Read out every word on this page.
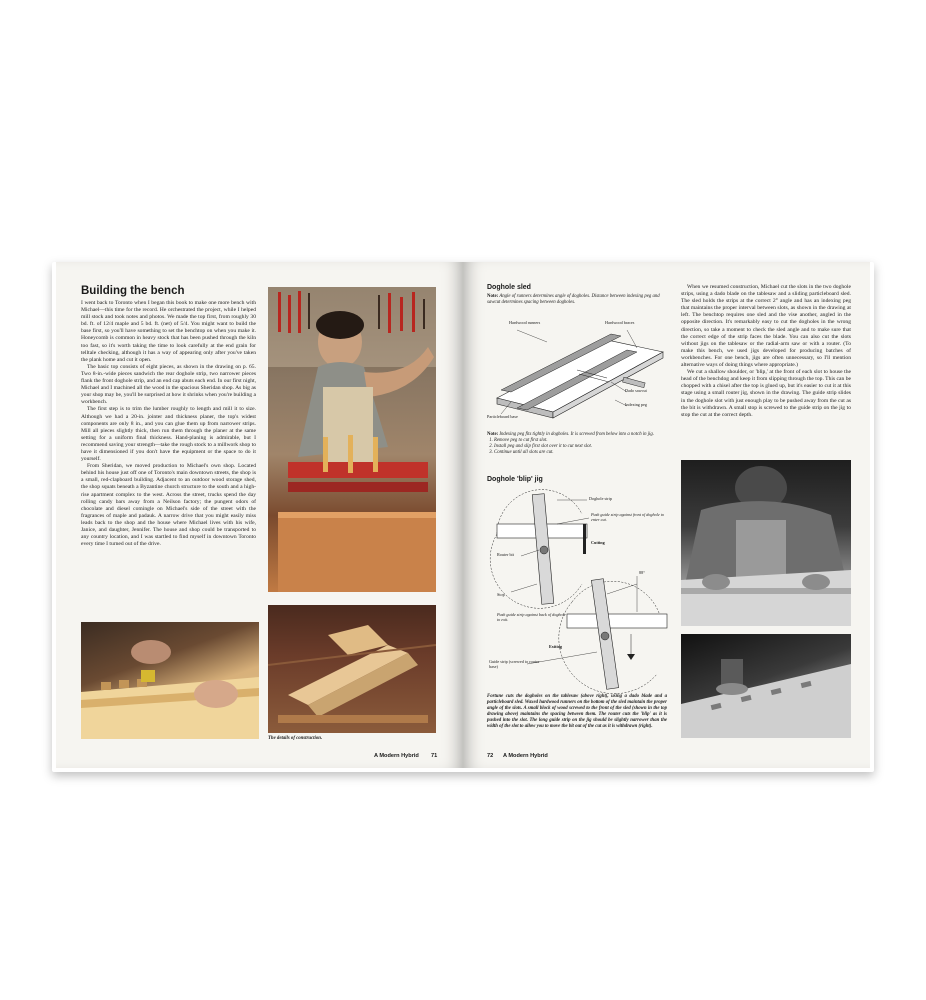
Building the bench

I went back to Toronto when I began this book to make one more bench with Michael—this time for the record. He orchestrated the project, while I helped mill stock and took notes and photos. We made the top first, from roughly 30 bd. ft. of 12/4 maple and 5 bd. ft. (net) of 5/4. You might want to build the base first, so you'll have something to set the benchtop on when you make it. Honeycomb is common in heavy stock that has been pushed through the kiln too fast, so it's worth taking the time to look carefully at the end grain for telltale checking, although it has a way of appearing only after you've taken the plank home and cut it open.

The basic top consists of eight pieces, as shown in the drawing on p. 65. Two 8-in.-wide pieces sandwich the rear doghole strip, two narrower pieces flank the front doghole strip, and an end cap abuts each end. In our first night, Michael and I machined all the wood in the spacious Sheridan shop. As big as your shop may be, you'll be surprised at how it shrinks when you're building a workbench.

The first step is to trim the lumber roughly to length and mill it to size. Although we had a 20-in. jointer and thickness planer, the top's widest components are only 8 in., and you can glue them up from narrower strips. Mill all pieces slightly thick, then run them through the planer at the same setting for a uniform final thickness. Hand-planing is admirable, but I recommend saving your strength—take the rough stock to a millwork shop to have it dimensioned if you don't have the equipment or the space to do it yourself.

From Sheridan, we moved production to Michael's own shop. Located behind his house just off one of Toronto's main downtown streets, the shop is a small, red-clapboard building. Adjacent to an outdoor wood storage shed, the shop squats beneath a Byzantine church structure to the south and a high-rise apartment complex to the west. Across the street, trucks spend the day rolling candy bars away from a Neilson factory; the pungent odors of chocolate and diesel comingle on Michael's side of the street with the fragrances of maple and padauk. A narrow drive that you might easily miss leads back to the shop and the house where Michael lives with his wife, Janice, and daughter, Jennifer. The house and shop could be transported to any country location, and I was startled to find myself in downtown Toronto every time I turned out of the drive.

The details of construction.
A Modern Hybrid 71
Doghole sled
Note: Angle of runners determines angle of dogholes. Distance between indexing peg and sawcut determines spacing between dogholes.
Hardwood runners	Hardwood braces
Dado sawcut
Indexing peg
Particleboard base
Note: Indexing peg fits tightly in dogholes. It is screwed from below into a notch in jig.
1. Remove peg to cut first slot.
2. Install peg and slip first slot over it to cut next slot.
3. Continue until all slots are cut.
Doghole 'blip' jig
Doghole strip
Push guide strip against front of doghole to enter cut.
Cutting
Router bit
Stop
88°
Push guide strip against back of doghole to exit.
Exiting
Guide strip (screwed to router base)
Fortune cuts the dogholes on the tablesaw (above right), using a dado blade and a particleboard sled. Waxed hardwood runners on the bottom of the sled maintain the proper angle of the slots. A small block of wood screwed to the front of the sled (shown in the top drawing above) maintains the spacing between them. The router cuts the 'blip' as it is pushed into the slot. The long guide strip on the jig should be slightly narrower than the width of the slot to allow you to move the bit out of the cut as it is withdrawn (right).

When we resumed construction, Michael cut the slots in the two doghole strips, using a dado blade on the tablesaw and a sliding particleboard sled. The sled holds the strips at the correct 2° angle and has an indexing peg that maintains the proper interval between slots, as shown in the drawing at left. The benchtop requires one sled and the vise another, angled in the opposite direction. It's remarkably easy to cut the dogholes in the wrong direction, so take a moment to check the sled angle and to make sure that the correct edge of the strip faces the blade. You can also cut the slots without jigs on the tablesaw or the radial-arm saw or with a router. (To make this bench, we used jigs developed for producing batches of workbenches. For one bench, jigs are often unnecessary, so I'll mention alternative ways of doing things where appropriate.)

We cut a shallow shoulder, or 'blip,' at the front of each slot to house the head of the benchdog and keep it from slipping through the top. This can be chopped with a chisel after the top is glued up, but it's easier to cut it at this stage using a small router jig, shown in the drawing. The guide strip slides in the doghole slot with just enough play to be pushed away from the cut as the bit is withdrawn. A small stop is screwed to the guide strip on the jig to stop the cut at the correct depth.

72 A Modern Hybrid
